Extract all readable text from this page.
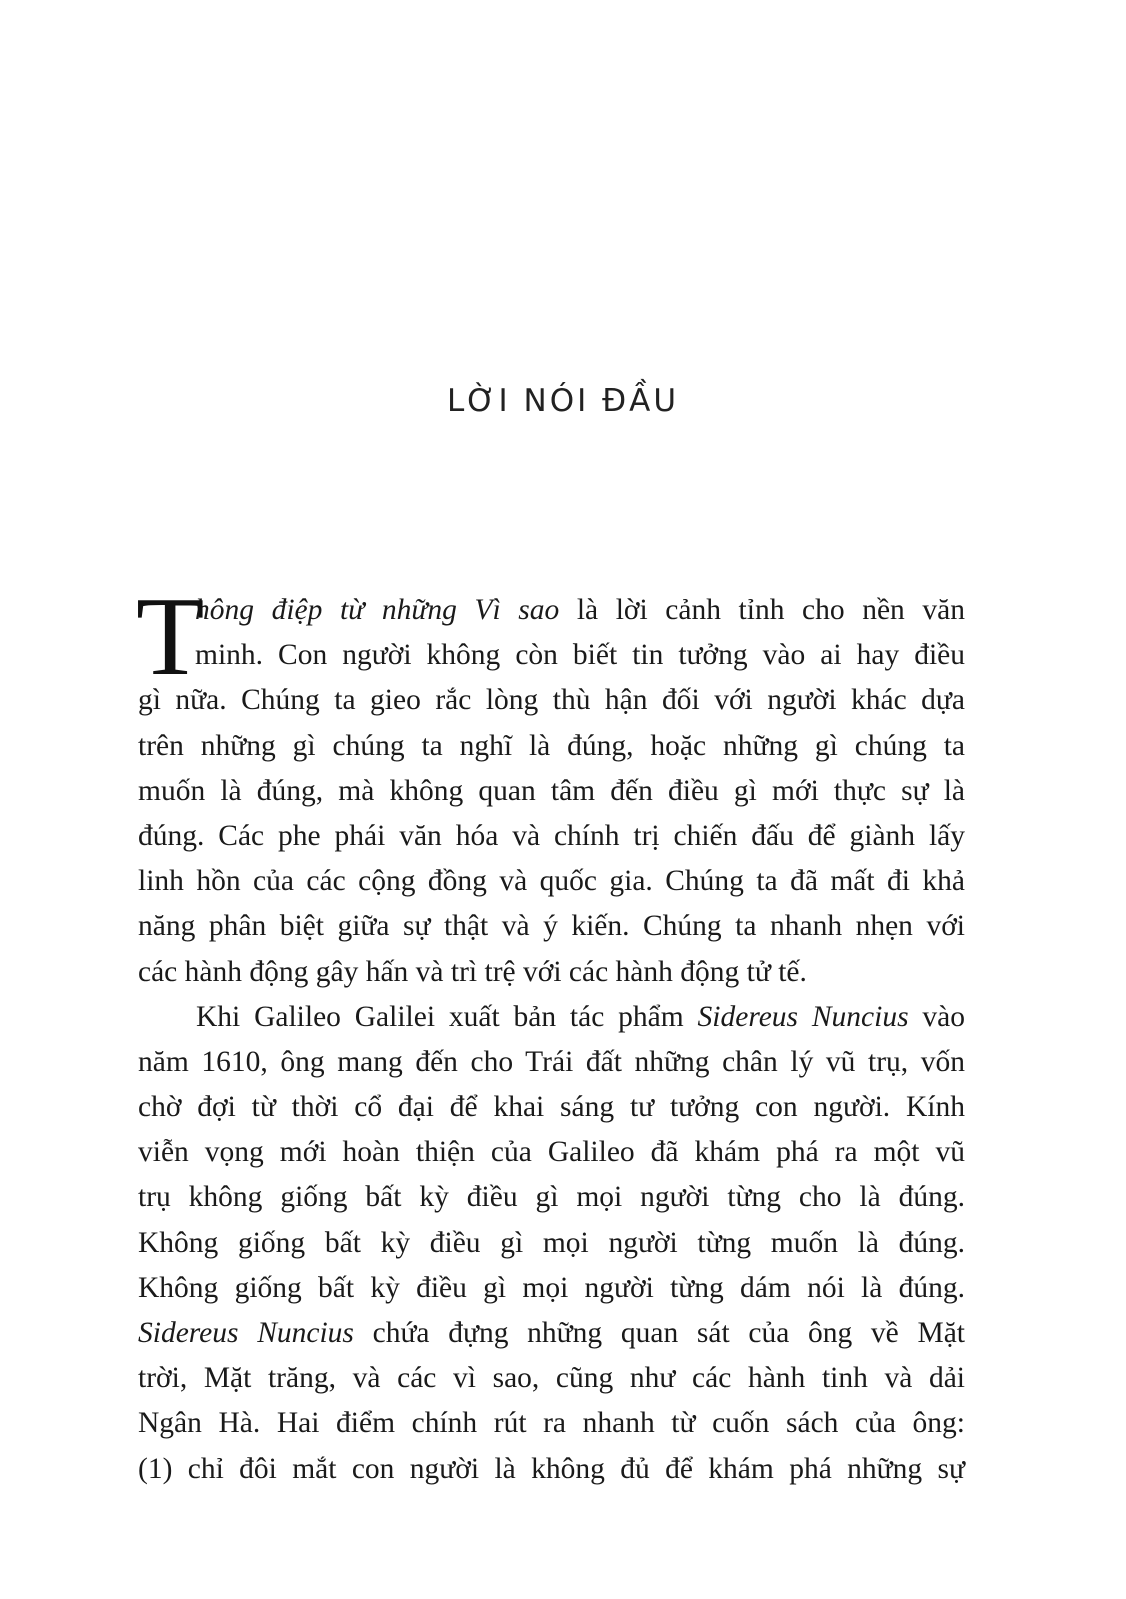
LỜI NÓI ĐẦU
T
hông điệp từ những Vì sao là lời cảnh tỉnh cho nền văn
minh. Con người không còn biết tin tưởng vào ai hay điều
gì nữa. Chúng ta gieo rắc lòng thù hận đối với người khác dựa
trên những gì chúng ta nghĩ là đúng, hoặc những gì chúng ta
muốn là đúng, mà không quan tâm đến điều gì mới thực sự là
đúng. Các phe phái văn hóa và chính trị chiến đấu để giành lấy
linh hồn của các cộng đồng và quốc gia. Chúng ta đã mất đi khả
năng phân biệt giữa sự thật và ý kiến. Chúng ta nhanh nhẹn với
các hành động gây hấn và trì trệ với các hành động tử tế.
Khi Galileo Galilei xuất bản tác phẩm Sidereus Nuncius vào
năm 1610, ông mang đến cho Trái đất những chân lý vũ trụ, vốn
chờ đợi từ thời cổ đại để khai sáng tư tưởng con người. Kính
viễn vọng mới hoàn thiện của Galileo đã khám phá ra một vũ
trụ không giống bất kỳ điều gì mọi người từng cho là đúng.
Không giống bất kỳ điều gì mọi người từng muốn là đúng.
Không giống bất kỳ điều gì mọi người từng dám nói là đúng.
Sidereus Nuncius chứa đựng những quan sát của ông về Mặt
trời, Mặt trăng, và các vì sao, cũng như các hành tinh và dải
Ngân Hà. Hai điểm chính rút ra nhanh từ cuốn sách của ông:
(1) chỉ đôi mắt con người là không đủ để khám phá những sự
